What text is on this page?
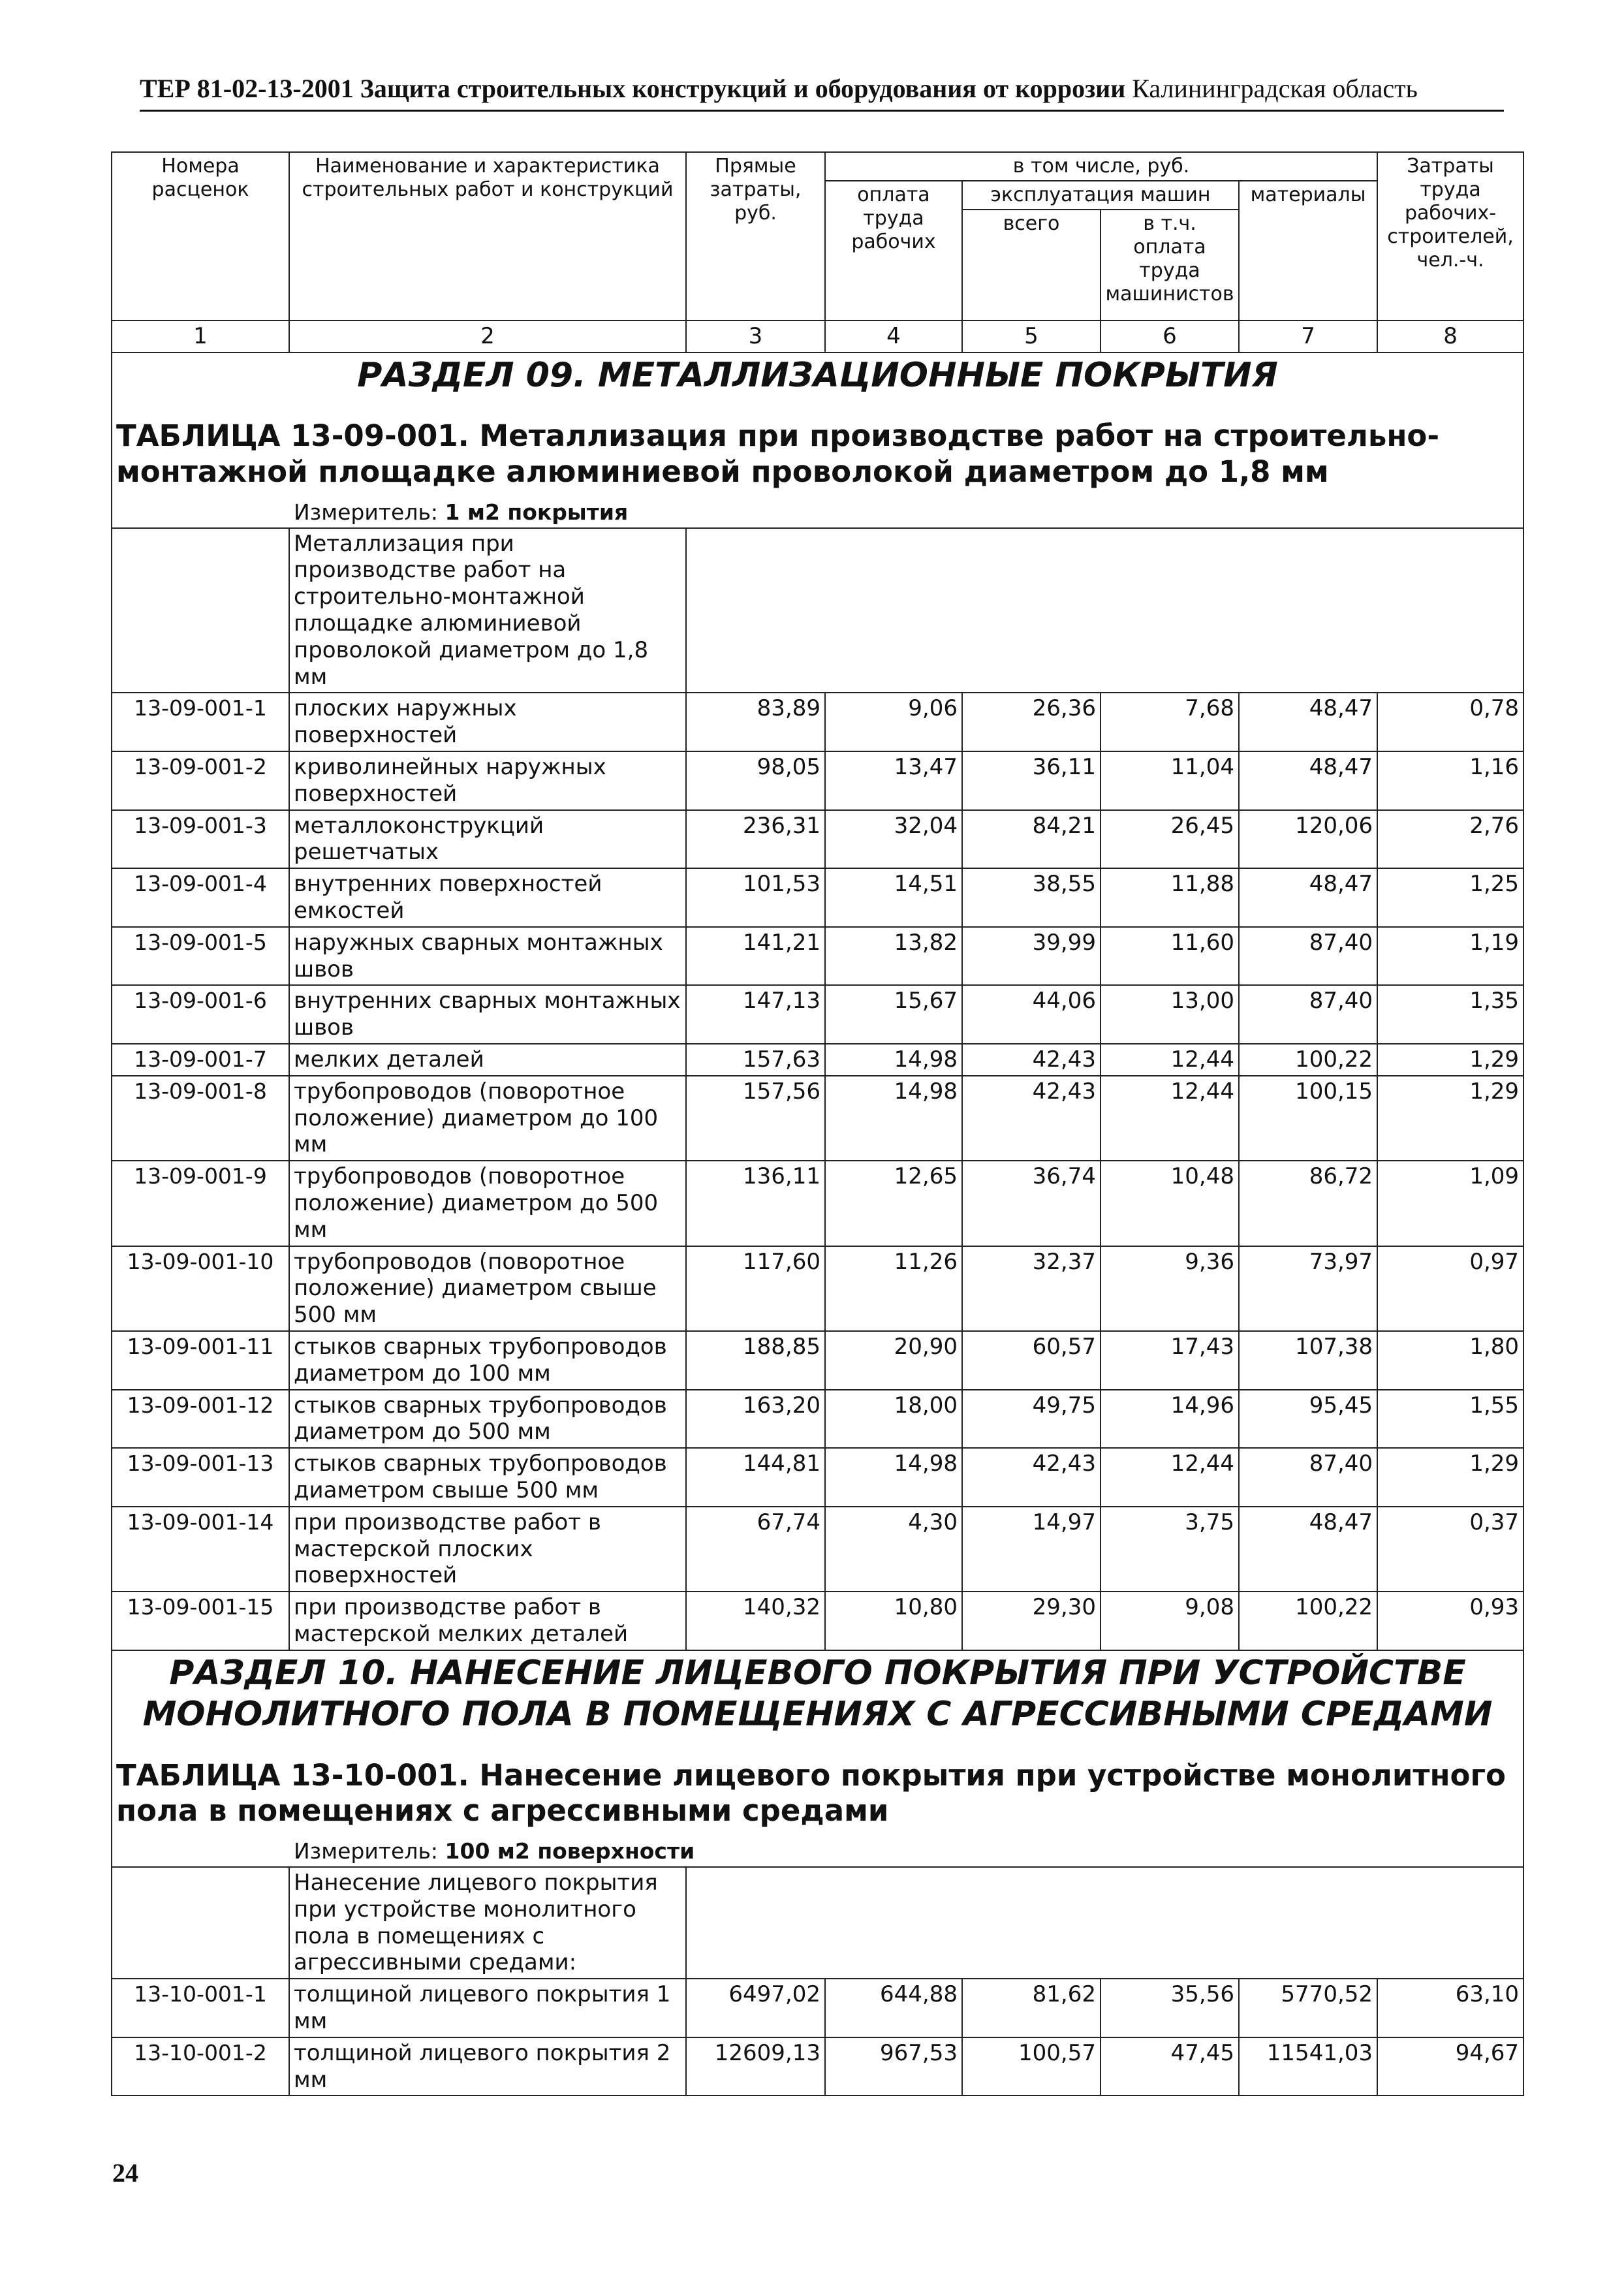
ТЕР 81-02-13-2001 Защита строительных конструкций и оборудования от коррозии Калининградская область
Номера расценок	Наименование и характеристика строительных работ и конструкций	Прямые затраты, руб.	в том числе, руб.				Затраты труда рабочих-строителей, чел.-ч.
			оплата труда рабочих	эксплуатация машин		материалы	
				всего	в т.ч. оплата труда машинистов		
1	2	3	4	5	6	7	8

РАЗДЕЛ 09. МЕТАЛЛИЗАЦИОННЫЕ ПОКРЫТИЯ
ТАБЛИЦА 13-09-001. Металлизация при производстве работ на строительно-монтажной площадке алюминиевой проволокой диаметром до 1,8 мм
Измеритель: 1 м2 покрытия							

	Металлизация при производстве работ на строительно-монтажной площадке алюминиевой проволокой диаметром до 1,8 мм						
13-09-001-1	плоских наружных поверхностей	83,89	9,06	26,36	7,68	48,47	0,78
13-09-001-2	криволинейных наружных поверхностей	98,05	13,47	36,11	11,04	48,47	1,16
13-09-001-3	металлоконструкций решетчатых	236,31	32,04	84,21	26,45	120,06	2,76
13-09-001-4	внутренних поверхностей емкостей	101,53	14,51	38,55	11,88	48,47	1,25
13-09-001-5	наружных сварных монтажных швов	141,21	13,82	39,99	11,60	87,40	1,19
13-09-001-6	внутренних сварных монтажных швов	147,13	15,67	44,06	13,00	87,40	1,35
13-09-001-7	мелких деталей	157,63	14,98	42,43	12,44	100,22	1,29
13-09-001-8	трубопроводов (поворотное положение) диаметром до 100 мм	157,56	14,98	42,43	12,44	100,15	1,29
13-09-001-9	трубопроводов (поворотное положение) диаметром до 500 мм	136,11	12,65	36,74	10,48	86,72	1,09
13-09-001-10	трубопроводов (поворотное положение) диаметром свыше 500 мм	117,60	11,26	32,37	9,36	73,97	0,97
13-09-001-11	стыков сварных трубопроводов диаметром до 100 мм	188,85	20,90	60,57	17,43	107,38	1,80
13-09-001-12	стыков сварных трубопроводов диаметром до 500 мм	163,20	18,00	49,75	14,96	95,45	1,55
13-09-001-13	стыков сварных трубопроводов диаметром свыше 500 мм	144,81	14,98	42,43	12,44	87,40	1,29
13-09-001-14	при производстве работ в мастерской плоских поверхностей	67,74	4,30	14,97	3,75	48,47	0,37
13-09-001-15	при производстве работ в мастерской мелких деталей	140,32	10,80	29,30	9,08	100,22	0,93

РАЗДЕЛ 10. НАНЕСЕНИЕ ЛИЦЕВОГО ПОКРЫТИЯ ПРИ УСТРОЙСТВЕ МОНОЛИТНОГО ПОЛА В ПОМЕЩЕНИЯХ С АГРЕССИВНЫМИ СРЕДАМИ
ТАБЛИЦА 13-10-001. Нанесение лицевого покрытия при устройстве монолитного пола в помещениях с агрессивными средами
Измеритель: 100 м2 поверхности							

	Нанесение лицевого покрытия при устройстве монолитного пола в помещениях с агрессивными средами:						
13-10-001-1	толщиной лицевого покрытия 1 мм	6497,02	644,88	81,62	35,56	5770,52	63,10
13-10-001-2	толщиной лицевого покрытия 2 мм	12609,13	967,53	100,57	47,45	11541,03	94,67
24
